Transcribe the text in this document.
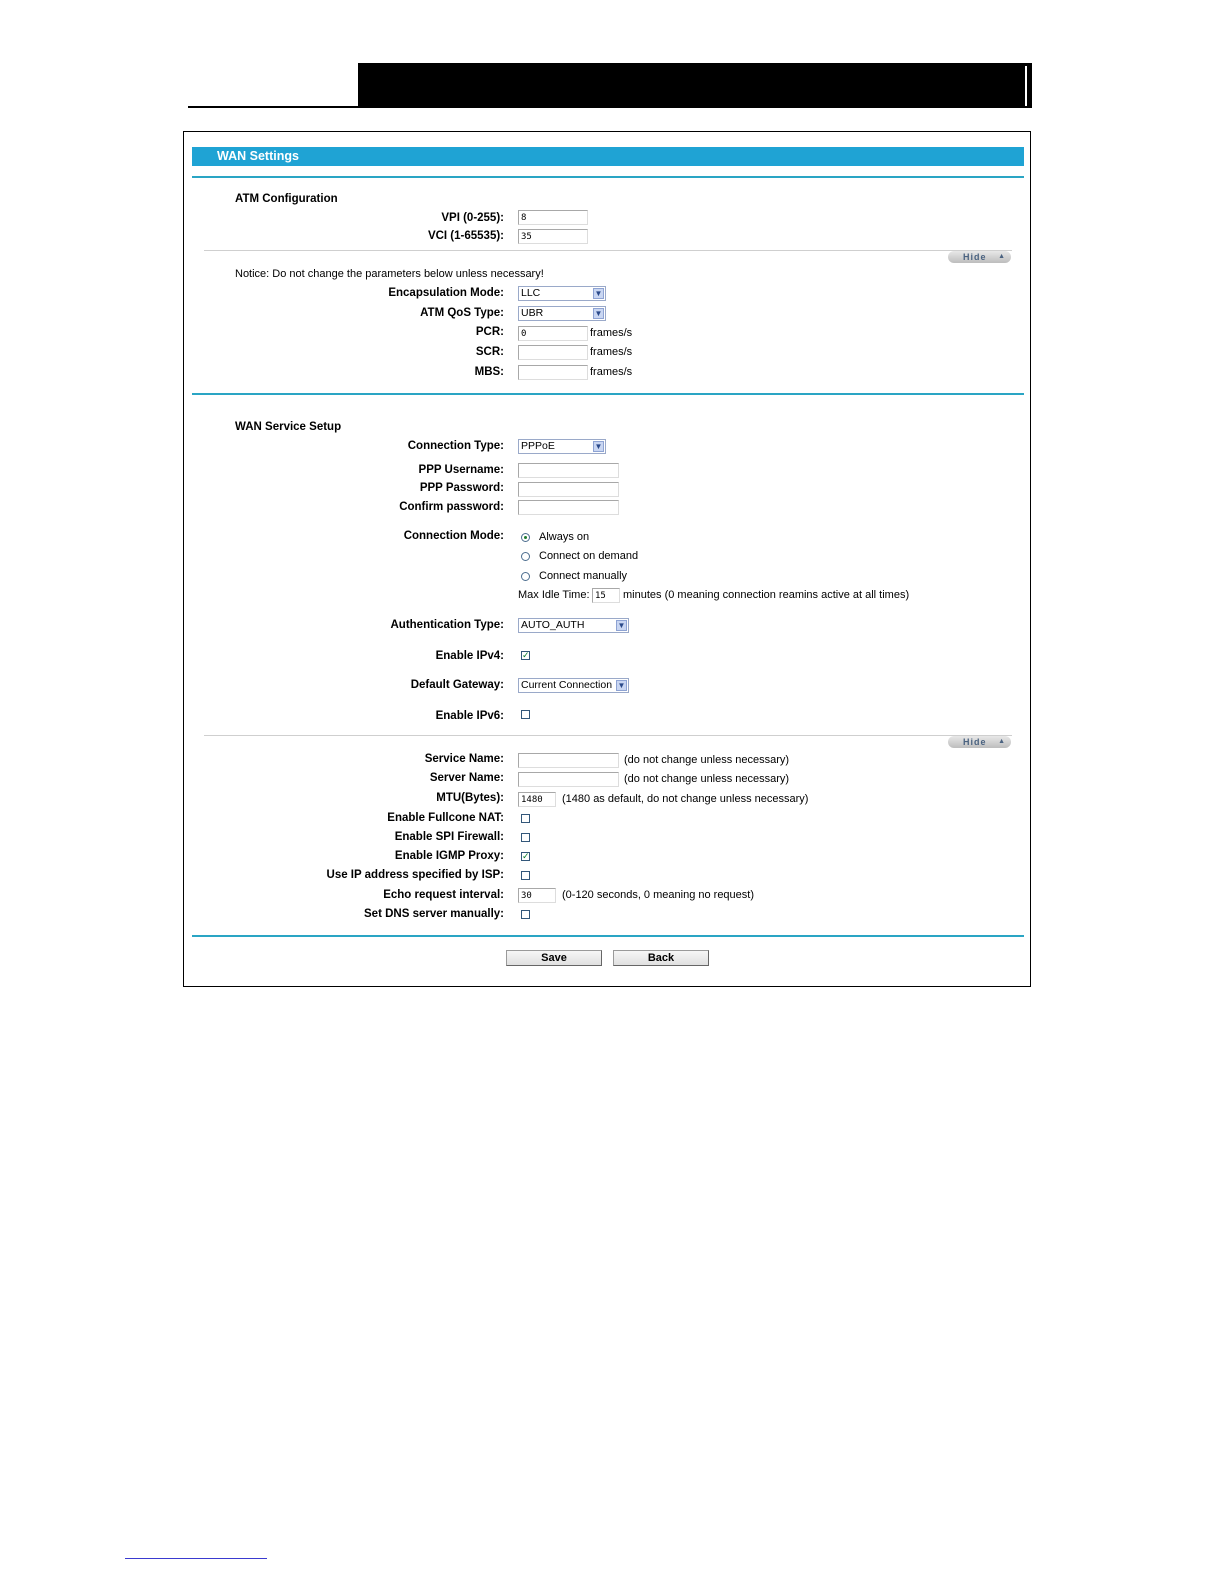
WAN Settings
ATM Configuration
VPI (0-255):	8
VCI (1-65535):	35
Hide ▲
Notice: Do not change the parameters below unless necessary!
Encapsulation Mode: LLC	▼
ATM QoS Type: UBR	▼
PCR:	0	frames/s
SCR:	frames/s
MBS:	frames/s
WAN Service Setup
Connection Type: PPPoE	▼
PPP Username:
PPP Password:
Confirm password:
Connection Mode:	Always on
Connect on demand
Connect manually
Max Idle Time: 15	minutes (0 meaning connection reamins active at all times)
Authentication Type: AUTO_AUTH	▼
Enable IPv4: ✓
Default Gateway: Current Connection ▼
Enable IPv6:
Hide ▲
Service Name:	(do not change unless necessary)
Server Name:	(do not change unless necessary)
MTU(Bytes):	1480	(1480 as default, do not change unless necessary)
Enable Fullcone NAT:
Enable SPI Firewall:
Enable IGMP Proxy: ✓
Use IP address specified by ISP:
Echo request interval:	30	(0-120 seconds, 0 meaning no request)
Set DNS server manually:
Save	Back
